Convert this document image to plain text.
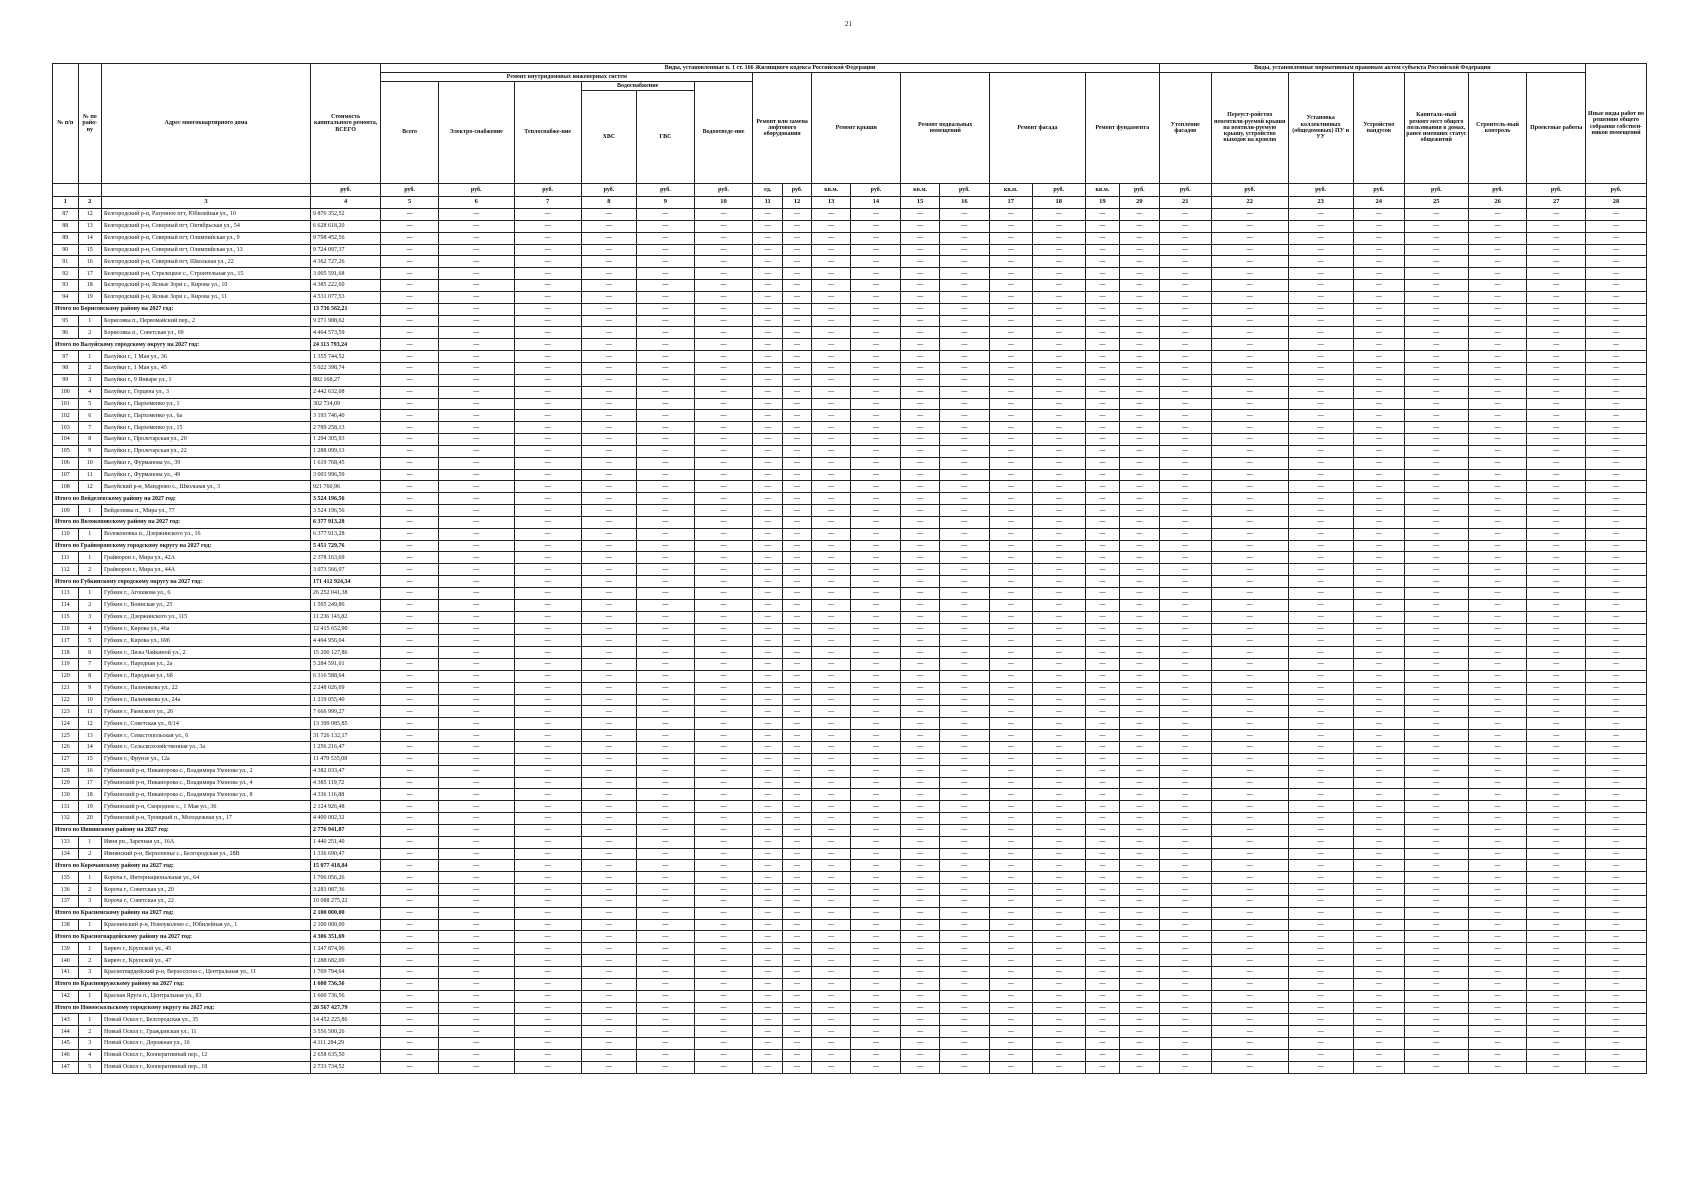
21
№ п/п	№ по райо-ну	Адрес многоквартирного дома	Стоимость капитального ремонта, ВСЕГО	Виды, установленные п. 1 ст. 166 Жилищного кодекса Российской Федерации																Виды, установленные нормативным правовым актом субъекта Российской Федерации							Иные виды работ по решению общего собрания собствен-ников помещений
				Ремонт внутридомовых инженерных систем						Ремонт или замена лифтового оборудования		Ремонт крыши		Ремонт подвальных помещений		Ремонт фасада		Ремонт фундамента		Утепление фасадов	Переуст-ройство невентили-руемой крыши на вентили-руемую крышу, устройство выходов на кровлю	Установка коллективных (общедомовых) ПУ и УУ	Устройство пандусов	Капиталь-ный ремонт мест общего пользования в домах, ранее имевших статус общежитий	Строитель-ный контроль	Проектные работы	
				Всего	Электро-снабжение	Теплоснабже-ние	Водоснабжение		Водоотведе-ние																		
							ХВС	ГВС																			
			руб.	руб.	руб.	руб.	руб.	руб.	руб.	ед.	руб.	кв.м.	руб.	кв.м.	руб.	кв.м.	руб.	кв.м.	руб.	руб.	руб.	руб.	руб.	руб.	руб.	руб.	руб.
1	2	3	4	5	6	7	8	9	10	11	12	13	14	15	16	17	18	19	20	21	22	23	24	25	26	27	28
87	12	Белгородский р-н, Разумное пгт, Юбилейная ул., 10	9 876 352,52	—	—	—	—	—	—	—	—	—	—	—	—	—	—	—	—	—	—	—	—	—	—	—	—
88	13	Белгородский р-н, Северный пгт, Октябрьская ул., 54	6 628 618,20	—	—	—	—	—	—	—	—	—	—	—	—	—	—	—	—	—	—	—	—	—	—	—	—
89	14	Белгородский р-н, Северный пгт, Олимпийская ул., 9	9 798 452,56	—	—	—	—	—	—	—	—	—	—	—	—	—	—	—	—	—	—	—	—	—	—	—	—
90	15	Белгородский р-н, Северный пгт, Олимпийская ул., 13	9 724 097,37	—	—	—	—	—	—	—	—	—	—	—	—	—	—	—	—	—	—	—	—	—	—	—	—
91	16	Белгородский р-н, Северный пгт, Школьная ул., 22	4 362 727,26	—	—	—	—	—	—	—	—	—	—	—	—	—	—	—	—	—	—	—	—	—	—	—	—
92	17	Белгородский р-н, Стрелецкое с., Строительная ул., 15	3 005 591,68	—	—	—	—	—	—	—	—	—	—	—	—	—	—	—	—	—	—	—	—	—	—	—	—
93	18	Белгородский р-н, Ясные Зори с., Кирова ул., 10	4 385 222,60	—	—	—	—	—	—	—	—	—	—	—	—	—	—	—	—	—	—	—	—	—	—	—	—
94	19	Белгородский р-н, Ясные Зори с., Кирова ул., 11	4 531 077,53	—	—	—	—	—	—	—	—	—	—	—	—	—	—	—	—	—	—	—	—	—	—	—	—
Итого по Борисовскому району на 2027 год:			13 736 562,21	—	—	—	—	—	—	—	—	—	—	—	—	—	—	—	—	—	—	—	—	—	—	—	—
95	1	Борисовка п., Первомайский пер., 2	9 271 988,62	—	—	—	—	—	—	—	—	—	—	—	—	—	—	—	—	—	—	—	—	—	—	—	—
96	2	Борисовка п., Советская ул., 69	4 464 573,59	—	—	—	—	—	—	—	—	—	—	—	—	—	—	—	—	—	—	—	—	—	—	—	—
Итого по Валуйскому городскому округу на 2027 год:			24 113 793,24	—	—	—	—	—	—	—	—	—	—	—	—	—	—	—	—	—	—	—	—	—	—	—	—
97	1	Валуйки г., 1 Мая ул., 36	1 355 744,52	—	—	—	—	—	—	—	—	—	—	—	—	—	—	—	—	—	—	—	—	—	—	—	—
98	2	Валуйки г., 1 Мая ул., 45	5 022 398,74	—	—	—	—	—	—	—	—	—	—	—	—	—	—	—	—	—	—	—	—	—	—	—	—
99	3	Валуйки г., 9 Января ул., 1	882 168,27	—	—	—	—	—	—	—	—	—	—	—	—	—	—	—	—	—	—	—	—	—	—	—	—
100	4	Валуйки г., Герцена ул., 3	2 442 632,08	—	—	—	—	—	—	—	—	—	—	—	—	—	—	—	—	—	—	—	—	—	—	—	—
101	5	Валуйки г., Пархоменко ул., 1	302 734,09	—	—	—	—	—	—	—	—	—	—	—	—	—	—	—	—	—	—	—	—	—	—	—	—
102	6	Валуйки г., Пархоменко ул., 6а	3 193 746,40	—	—	—	—	—	—	—	—	—	—	—	—	—	—	—	—	—	—	—	—	—	—	—	—
103	7	Валуйки г., Пархоменко ул., 15	2 789 258,13	—	—	—	—	—	—	—	—	—	—	—	—	—	—	—	—	—	—	—	—	—	—	—	—
104	8	Валуйки г., Пролетарская ул., 20	1 294 305,93	—	—	—	—	—	—	—	—	—	—	—	—	—	—	—	—	—	—	—	—	—	—	—	—
105	9	Валуйки г., Пролетарская ул., 22	1 288 099,13	—	—	—	—	—	—	—	—	—	—	—	—	—	—	—	—	—	—	—	—	—	—	—	—
106	10	Валуйки г., Фурманова ул., 39	1 619 768,45	—	—	—	—	—	—	—	—	—	—	—	—	—	—	—	—	—	—	—	—	—	—	—	—
107	11	Валуйки г., Фурманова ул., 49	3 003 996,59	—	—	—	—	—	—	—	—	—	—	—	—	—	—	—	—	—	—	—	—	—	—	—	—
108	12	Валуйский р-н, Мандрово с., Школьная ул., 3	921 760,96	—	—	—	—	—	—	—	—	—	—	—	—	—	—	—	—	—	—	—	—	—	—	—	—
Итого по Вейделевскому району на 2027 год:			3 524 196,56	—	—	—	—	—	—	—	—	—	—	—	—	—	—	—	—	—	—	—	—	—	—	—	—
109	1	Вейделевка п., Мира ул., 77	3 524 196,56	—	—	—	—	—	—	—	—	—	—	—	—	—	—	—	—	—	—	—	—	—	—	—	—
Итого по Волоконовскому району на 2027 год:			6 377 913,28	—	—	—	—	—	—	—	—	—	—	—	—	—	—	—	—	—	—	—	—	—	—	—	—
110	1	Волоконовка п., Дзержинского ул., 16	6 377 913,28	—	—	—	—	—	—	—	—	—	—	—	—	—	—	—	—	—	—	—	—	—	—	—	—
Итого по Грайворонскому городскому округу на 2027 год:			5 451 729,76	—	—	—	—	—	—	—	—	—	—	—	—	—	—	—	—	—	—	—	—	—	—	—	—
111	1	Грайворон г., Мира ул., 42А	2 378 163,69	—	—	—	—	—	—	—	—	—	—	—	—	—	—	—	—	—	—	—	—	—	—	—	—
112	2	Грайворон г., Мира ул., 44А	3 073 566,07	—	—	—	—	—	—	—	—	—	—	—	—	—	—	—	—	—	—	—	—	—	—	—	—
Итого по Губкинскому городскому округу на 2027 год:			171 412 924,34	—	—	—	—	—	—	—	—	—	—	—	—	—	—	—	—	—	—	—	—	—	—	—	—
113	1	Губкин г., Агошкова ул., 6	26 252 041,38	—	—	—	—	—	—	—	—	—	—	—	—	—	—	—	—	—	—	—	—	—	—	—	—
114	2	Губкин г., Воинская ул., 25	1 595 249,86	—	—	—	—	—	—	—	—	—	—	—	—	—	—	—	—	—	—	—	—	—	—	—	—
115	3	Губкин г., Дзержинского ул., 115	11 236 143,82	—	—	—	—	—	—	—	—	—	—	—	—	—	—	—	—	—	—	—	—	—	—	—	—
116	4	Губкин г., Кирова ул., 46а	12 415 652,90	—	—	—	—	—	—	—	—	—	—	—	—	—	—	—	—	—	—	—	—	—	—	—	—
117	5	Губкин г., Кирова ул., 69б	4 494 956,04	—	—	—	—	—	—	—	—	—	—	—	—	—	—	—	—	—	—	—	—	—	—	—	—
118	6	Губкин г., Лизы Чайкиной ул., 2	15 200 127,86	—	—	—	—	—	—	—	—	—	—	—	—	—	—	—	—	—	—	—	—	—	—	—	—
119	7	Губкин г., Народная ул., 2а	5 284 591,01	—	—	—	—	—	—	—	—	—	—	—	—	—	—	—	—	—	—	—	—	—	—	—	—
120	8	Губкин г., Народная ул., 6б	6 316 588,64	—	—	—	—	—	—	—	—	—	—	—	—	—	—	—	—	—	—	—	—	—	—	—	—
121	9	Губкин г., Пальчикова ул., 22	2 248 026,69	—	—	—	—	—	—	—	—	—	—	—	—	—	—	—	—	—	—	—	—	—	—	—	—
122	10	Губкин г., Пальчикова ул., 24а	1 219 055,40	—	—	—	—	—	—	—	—	—	—	—	—	—	—	—	—	—	—	—	—	—	—	—	—
123	11	Губкин г., Раевского ул., 26	7 666 999,27	—	—	—	—	—	—	—	—	—	—	—	—	—	—	—	—	—	—	—	—	—	—	—	—
124	12	Губкин г., Советская ул., 8/14	13 399 085,85	—	—	—	—	—	—	—	—	—	—	—	—	—	—	—	—	—	—	—	—	—	—	—	—
125	13	Губкин г., Севастопольская ул., 6	31 726 132,17	—	—	—	—	—	—	—	—	—	—	—	—	—	—	—	—	—	—	—	—	—	—	—	—
126	14	Губкин г., Сельскохозяйственная ул., 3а	1 256 216,47	—	—	—	—	—	—	—	—	—	—	—	—	—	—	—	—	—	—	—	—	—	—	—	—
127	15	Губкин г., Фрунзе ул., 12а	11 479 535,08	—	—	—	—	—	—	—	—	—	—	—	—	—	—	—	—	—	—	—	—	—	—	—	—
128	16	Губкинский р-н, Никанорова с., Владимира Ухонова ул., 2	4 382 033,47	—	—	—	—	—	—	—	—	—	—	—	—	—	—	—	—	—	—	—	—	—	—	—	—
129	17	Губкинский р-н, Никанорова с., Владимира Ухонова ул., 4	4 385 119,72	—	—	—	—	—	—	—	—	—	—	—	—	—	—	—	—	—	—	—	—	—	—	—	—
130	18	Губкинский р-н, Никанорова с., Владимира Ухонова ул., 8	4 336 116,88	—	—	—	—	—	—	—	—	—	—	—	—	—	—	—	—	—	—	—	—	—	—	—	—
131	19	Губкинский р-н, Скородное с., 1 Мая ул., 36	2 124 926,48	—	—	—	—	—	—	—	—	—	—	—	—	—	—	—	—	—	—	—	—	—	—	—	—
132	20	Губкинский р-н, Троицкий п., Молодежная ул., 17	4 400 002,32	—	—	—	—	—	—	—	—	—	—	—	—	—	—	—	—	—	—	—	—	—	—	—	—
Итого по Ивнянскому району на 2027 год:			2 776 941,87	—	—	—	—	—	—	—	—	—	—	—	—	—	—	—	—	—	—	—	—	—	—	—	—
133	1	Ивня рп., Заречная ул., 16А	1 440 251,40	—	—	—	—	—	—	—	—	—	—	—	—	—	—	—	—	—	—	—	—	—	—	—	—
134	2	Ивнянский р-н, Верхопенье с., Белгородская ул., 28В	1 336 690,47	—	—	—	—	—	—	—	—	—	—	—	—	—	—	—	—	—	—	—	—	—	—	—	—
Итого по Корочанскому району на 2027 год:			15 077 418,84	—	—	—	—	—	—	—	—	—	—	—	—	—	—	—	—	—	—	—	—	—	—	—	—
135	1	Короча г., Интернациональная ул., 64	1 706 056,26	—	—	—	—	—	—	—	—	—	—	—	—	—	—	—	—	—	—	—	—	—	—	—	—
136	2	Короча г., Советская ул., 20	3 283 087,36	—	—	—	—	—	—	—	—	—	—	—	—	—	—	—	—	—	—	—	—	—	—	—	—
137	3	Короча г., Советская ул., 22	10 088 275,22	—	—	—	—	—	—	—	—	—	—	—	—	—	—	—	—	—	—	—	—	—	—	—	—
Итого по Красненскому району на 2027 год:			2 100 000,00	—	—	—	—	—	—	—	—	—	—	—	—	—	—	—	—	—	—	—	—	—	—	—	—
138	1	Краснинский р-н, Новоуколово с., Юбилейная ул., 1	2 100 000,00	—	—	—	—	—	—	—	—	—	—	—	—	—	—	—	—	—	—	—	—	—	—	—	—
Итого по Красногвардейскому району на 2027 год:			4 306 351,69	—	—	—	—	—	—	—	—	—	—	—	—	—	—	—	—	—	—	—	—	—	—	—	—
139	1	Бирюч г., Крупской ул., 45	1 247 874,96	—	—	—	—	—	—	—	—	—	—	—	—	—	—	—	—	—	—	—	—	—	—	—	—
140	2	Бирюч г., Крупской ул., 47	1 288 682,09	—	—	—	—	—	—	—	—	—	—	—	—	—	—	—	—	—	—	—	—	—	—	—	—
141	3	Красногвардейский р-н, Верхососна с., Центральная ул., 11	1 769 794,64	—	—	—	—	—	—	—	—	—	—	—	—	—	—	—	—	—	—	—	—	—	—	—	—
Итого по Краснояружскому району на 2027 год:			1 600 736,56	—	—	—	—	—	—	—	—	—	—	—	—	—	—	—	—	—	—	—	—	—	—	—	—
142	1	Красная Яруга п., Центральная ул., 83	1 600 736,56	—	—	—	—	—	—	—	—	—	—	—	—	—	—	—	—	—	—	—	—	—	—	—	—
Итого по Новооскольскому городскому округу на 2027 год:			28 567 427,79	—	—	—	—	—	—	—	—	—	—	—	—	—	—	—	—	—	—	—	—	—	—	—	—
143	1	Новый Оскол г., Белгородская ул., 35	14 452 225,86	—	—	—	—	—	—	—	—	—	—	—	—	—	—	—	—	—	—	—	—	—	—	—	—
144	2	Новый Оскол г., Гражданская ул., 11	3 556 500,26	—	—	—	—	—	—	—	—	—	—	—	—	—	—	—	—	—	—	—	—	—	—	—	—
145	3	Новый Оскол г., Дорожная ул., 16	4 111 284,29	—	—	—	—	—	—	—	—	—	—	—	—	—	—	—	—	—	—	—	—	—	—	—	—
146	4	Новый Оскол г., Кооперативный пер., 12	2 658 635,50	—	—	—	—	—	—	—	—	—	—	—	—	—	—	—	—	—	—	—	—	—	—	—	—
147	5	Новый Оскол г., Кооперативный пер., 18	2 733 734,52	—	—	—	—	—	—	—	—	—	—	—	—	—	—	—	—	—	—	—	—	—	—	—	—
